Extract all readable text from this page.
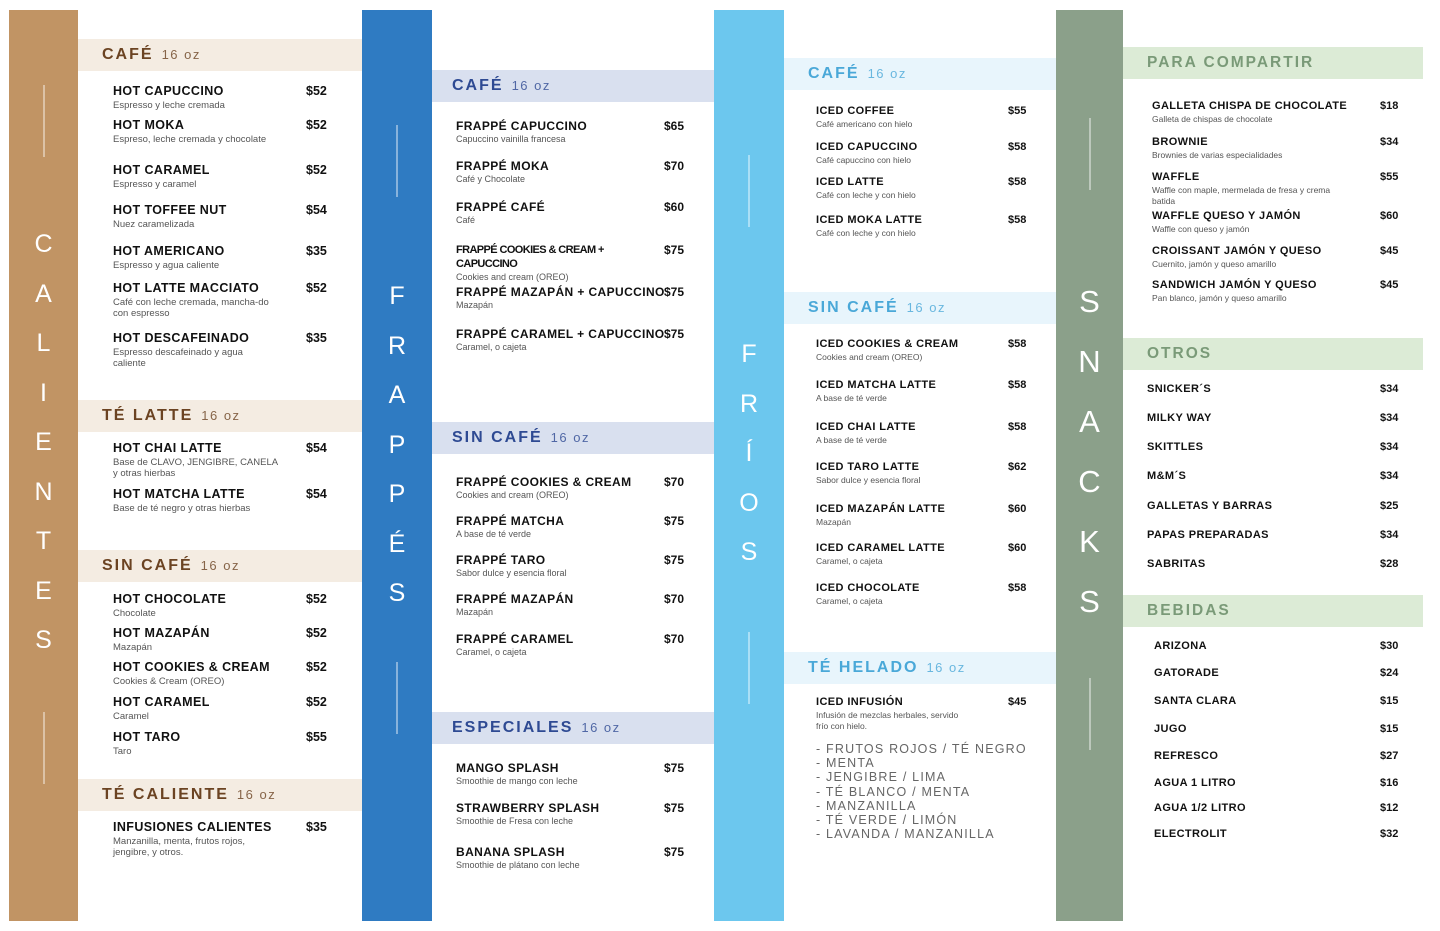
C
A
L
I
E
N
T
E
S
F
R
A
P
P
É
S
F
R
Í
O
S
S
N
A
C
K
S
CAFÉ 16 oz
HOT CAPUCCINO
Espresso y leche cremada
$52
HOT MOKA
Espreso, leche cremada y chocolate
$52
HOT CARAMEL
Espresso y caramel
$52
HOT TOFFEE NUT
Nuez caramelizada
$54
HOT AMERICANO
Espresso y agua caliente
$35
HOT LATTE MACCIATO
Café con leche cremada, mancha-do con espresso
$52
HOT DESCAFEINADO
Espresso descafeinado y agua caliente
$35
TÉ LATTE 16 oz
HOT CHAI LATTE
Base de CLAVO, JENGIBRE, CANELA y otras hierbas
$54
HOT MATCHA LATTE
Base de té negro y otras hierbas
$54
SIN CAFÉ 16 oz
HOT CHOCOLATE
Chocolate
$52
HOT MAZAPÁN
Mazapán
$52
HOT COOKIES & CREAM
Cookies & Cream (OREO)
$52
HOT CARAMEL
Caramel
$52
HOT TARO
Taro
$55
TÉ CALIENTE 16 oz
INFUSIONES CALIENTES
Manzanilla, menta, frutos rojos, jengibre, y otros.
$35
CAFÉ 16 oz
FRAPPÉ CAPUCCINO
Capuccino vainilla francesa
$65
FRAPPÉ MOKA
Café y Chocolate
$70
FRAPPÉ CAFÉ
Café
$60
FRAPPÉ COOKIES & CREAM + CAPUCCINO
Cookies and cream (OREO)
$75
FRAPPÉ MAZAPÁN + CAPUCCINO
Mazapán
$75
FRAPPÉ CARAMEL + CAPUCCINO
Caramel, o cajeta
$75
SIN CAFÉ 16 oz
FRAPPÉ COOKIES & CREAM
Cookies and cream (OREO)
$70
FRAPPÉ MATCHA
A base de té verde
$75
FRAPPÉ TARO
Sabor dulce y esencia floral
$75
FRAPPÉ MAZAPÁN
Mazapán
$70
FRAPPÉ CARAMEL
Caramel, o cajeta
$70
ESPECIALES 16 oz
MANGO SPLASH
Smoothie de mango con leche
$75
STRAWBERRY SPLASH
Smoothie de Fresa con leche
$75
BANANA SPLASH
Smoothie de plátano con leche
$75
CAFÉ 16 oz
ICED COFFEE
Café americano con hielo
$55
ICED CAPUCCINO
Café capuccino con hielo
$58
ICED LATTE
Café con leche y con hielo
$58
ICED MOKA LATTE
Café con leche y con hielo
$58
SIN CAFÉ 16 oz
ICED COOKIES & CREAM
Cookies and cream (OREO)
$58
ICED MATCHA LATTE
A base de té verde
$58
ICED CHAI LATTE
A base de té verde
$58
ICED TARO LATTE
Sabor dulce y esencia floral
$62
ICED MAZAPÁN LATTE
Mazapán
$60
ICED CARAMEL LATTE
Caramel, o cajeta
$60
ICED CHOCOLATE
Caramel, o cajeta
$58
TÉ HELADO 16 oz
ICED INFUSIÓN
Infusión de mezclas herbales, servido frío con hielo.
$45
- FRUTOS ROJOS / TÉ NEGRO
- MENTA
- JENGIBRE / LIMA
- TÉ BLANCO / MENTA
- MANZANILLA
- TÉ VERDE / LIMÓN
- LAVANDA / MANZANILLA
PARA COMPARTIR
GALLETA CHISPA DE CHOCOLATE
Galleta de chispas de chocolate
$18
BROWNIE
Brownies de varias especialidades
$34
WAFFLE
Waffle con maple, mermelada de fresa y crema batida
$55
WAFFLE QUESO Y JAMÓN
Waffle con queso y jamón
$60
CROISSANT JAMÓN Y QUESO
Cuernito, jamón y queso amarillo
$45
SANDWICH JAMÓN Y QUESO
Pan blanco, jamón y queso amarillo
$45
OTROS
SNICKER´S	$34
MILKY WAY	$34
SKITTLES	$34
M&M´S	$34
GALLETAS Y BARRAS	$25
PAPAS PREPARADAS	$34
SABRITAS	$28
BEBIDAS
ARIZONA	$30
GATORADE	$24
SANTA CLARA	$15
JUGO	$15
REFRESCO	$27
AGUA 1 LITRO	$16
AGUA 1/2 LITRO	$12
ELECTROLIT	$32
